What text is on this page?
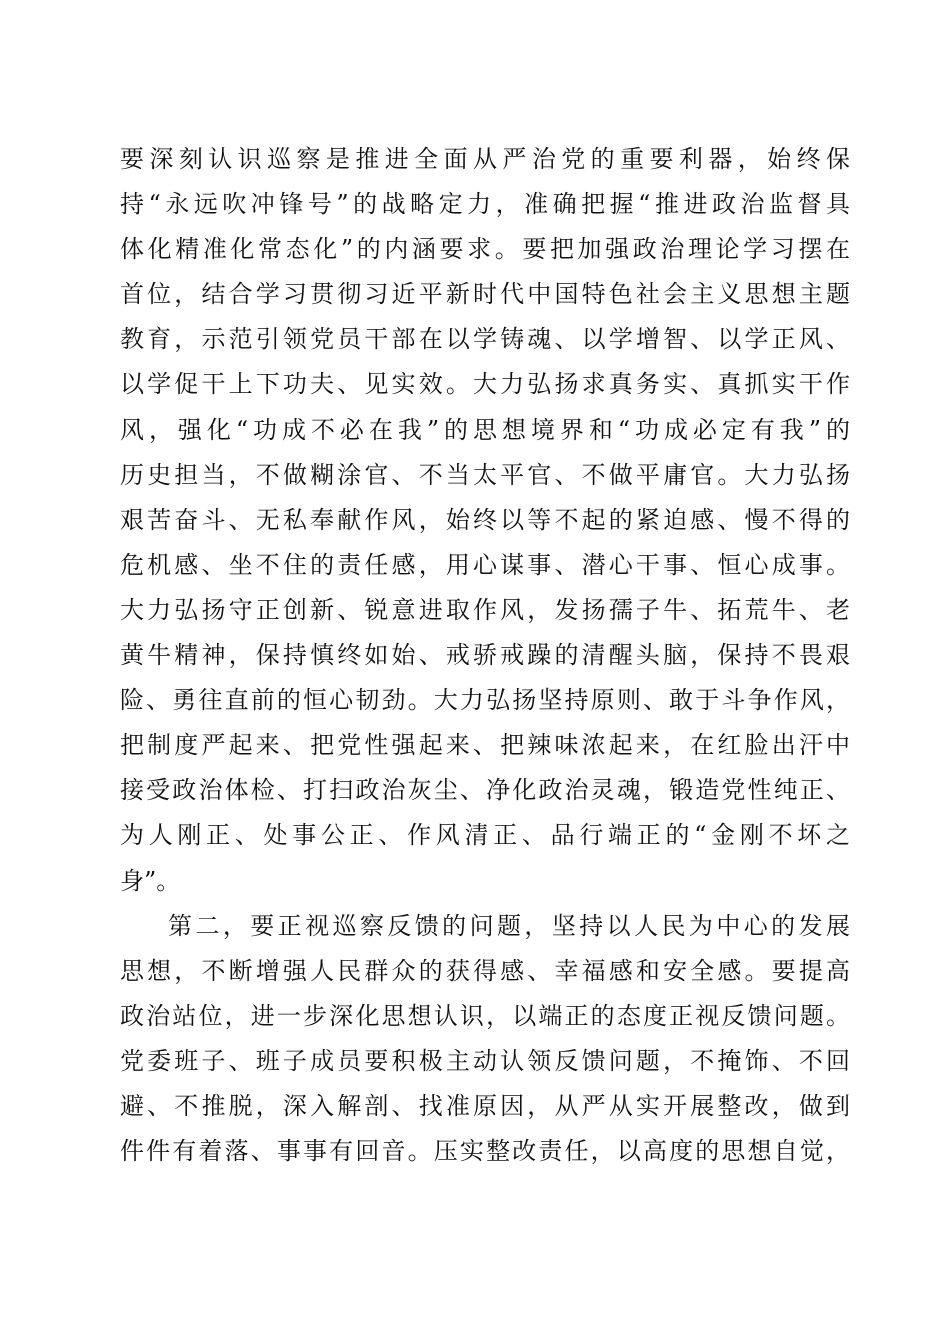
要深刻认识巡察是推进全面从严治党的重要利器，始终保
持“永远吹冲锋号”的战略定力，准确把握“推进政治监督具
体化精准化常态化”的内涵要求。要把加强政治理论学习摆在
首位，结合学习贯彻习近平新时代中国特色社会主义思想主题
教育，示范引领党员干部在以学铸魂、以学增智、以学正风、
以学促干上下功夫、见实效。大力弘扬求真务实、真抓实干作
风，强化“功成不必在我”的思想境界和“功成必定有我”的
历史担当，不做糊涂官、不当太平官、不做平庸官。大力弘扬
艰苦奋斗、无私奉献作风，始终以等不起的紧迫感、慢不得的
危机感、坐不住的责任感，用心谋事、潜心干事、恒心成事。
大力弘扬守正创新、锐意进取作风，发扬孺子牛、拓荒牛、老
黄牛精神，保持慎终如始、戒骄戒躁的清醒头脑，保持不畏艰
险、勇往直前的恒心韧劲。大力弘扬坚持原则、敢于斗争作风，
把制度严起来、把党性强起来、把辣味浓起来，在红脸出汗中
接受政治体检、打扫政治灰尘、净化政治灵魂，锻造党性纯正、
为人刚正、处事公正、作风清正、品行端正的“金刚不坏之
身”。
第二，要正视巡察反馈的问题，坚持以人民为中心的发展
思想，不断增强人民群众的获得感、幸福感和安全感。要提高
政治站位，进一步深化思想认识，以端正的态度正视反馈问题。
党委班子、班子成员要积极主动认领反馈问题，不掩饰、不回
避、不推脱，深入解剖、找准原因，从严从实开展整改，做到
件件有着落、事事有回音。压实整改责任，以高度的思想自觉，
